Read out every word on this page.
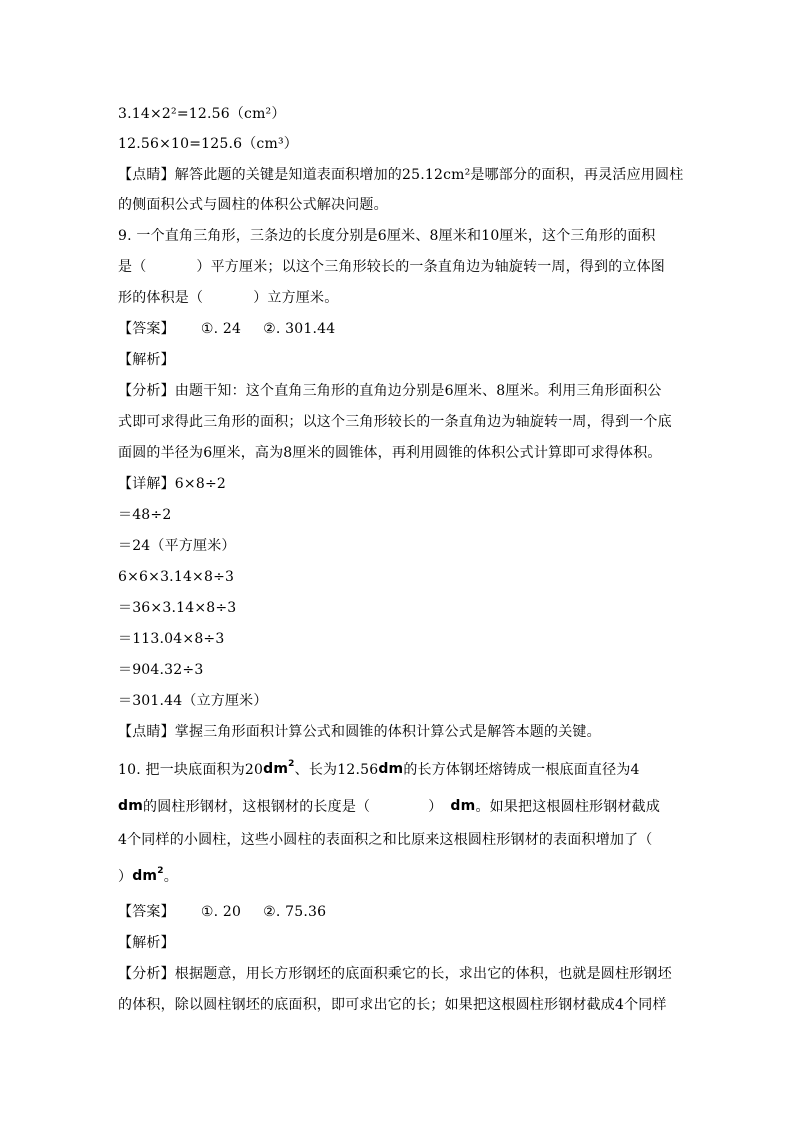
3.14×2²=12.56（cm²）
12.56×10=125.6（cm³）
【点睛】解答此题的关键是知道表面积增加的25.12cm²是哪部分的面积，再灵活应用圆柱
的侧面积公式与圆柱的体积公式解决问题。
9. 一个直角三角形，三条边的长度分别是6厘米、8厘米和10厘米，这个三角形的面积
是（	）平方厘米；以这个三角形较长的一条直角边为轴旋转一周，得到的立体图
形的体积是（	）立方厘米。
【答案】 ①. 24 ②. 301.44
【解析】
【分析】由题干知：这个直角三角形的直角边分别是6厘米、8厘米。利用三角形面积公
式即可求得此三角形的面积；以这个三角形较长的一条直角边为轴旋转一周，得到一个底
面圆的半径为6厘米，高为8厘米的圆锥体，再利用圆锥的体积公式计算即可求得体积。
【详解】6×8÷2
＝48÷2
＝24（平方厘米）
6×6×3.14×8÷3
＝36×3.14×8÷3
＝113.04×8÷3
＝904.32÷3
＝301.44（立方厘米）
【点睛】掌握三角形面积计算公式和圆锥的体积计算公式是解答本题的关键。
10. 把一块底面积为$20dm^2$、长为12.56dm的长方体钢坯熔铸成一根底面直径为4
dm的圆柱形钢材，这根钢材的长度是（	） dm。如果把这根圆柱形钢材截成
4个同样的小圆柱，这些小圆柱的表面积之和比原来这根圆柱形钢材的表面积增加了（
）$dm^2$。
【答案】 ①. 20 ②. 75.36
【解析】
【分析】根据题意，用长方形钢坯的底面积乘它的长，求出它的体积，也就是圆柱形钢坯
的体积，除以圆柱钢坯的底面积，即可求出它的长；如果把这根圆柱形钢材截成4个同样
